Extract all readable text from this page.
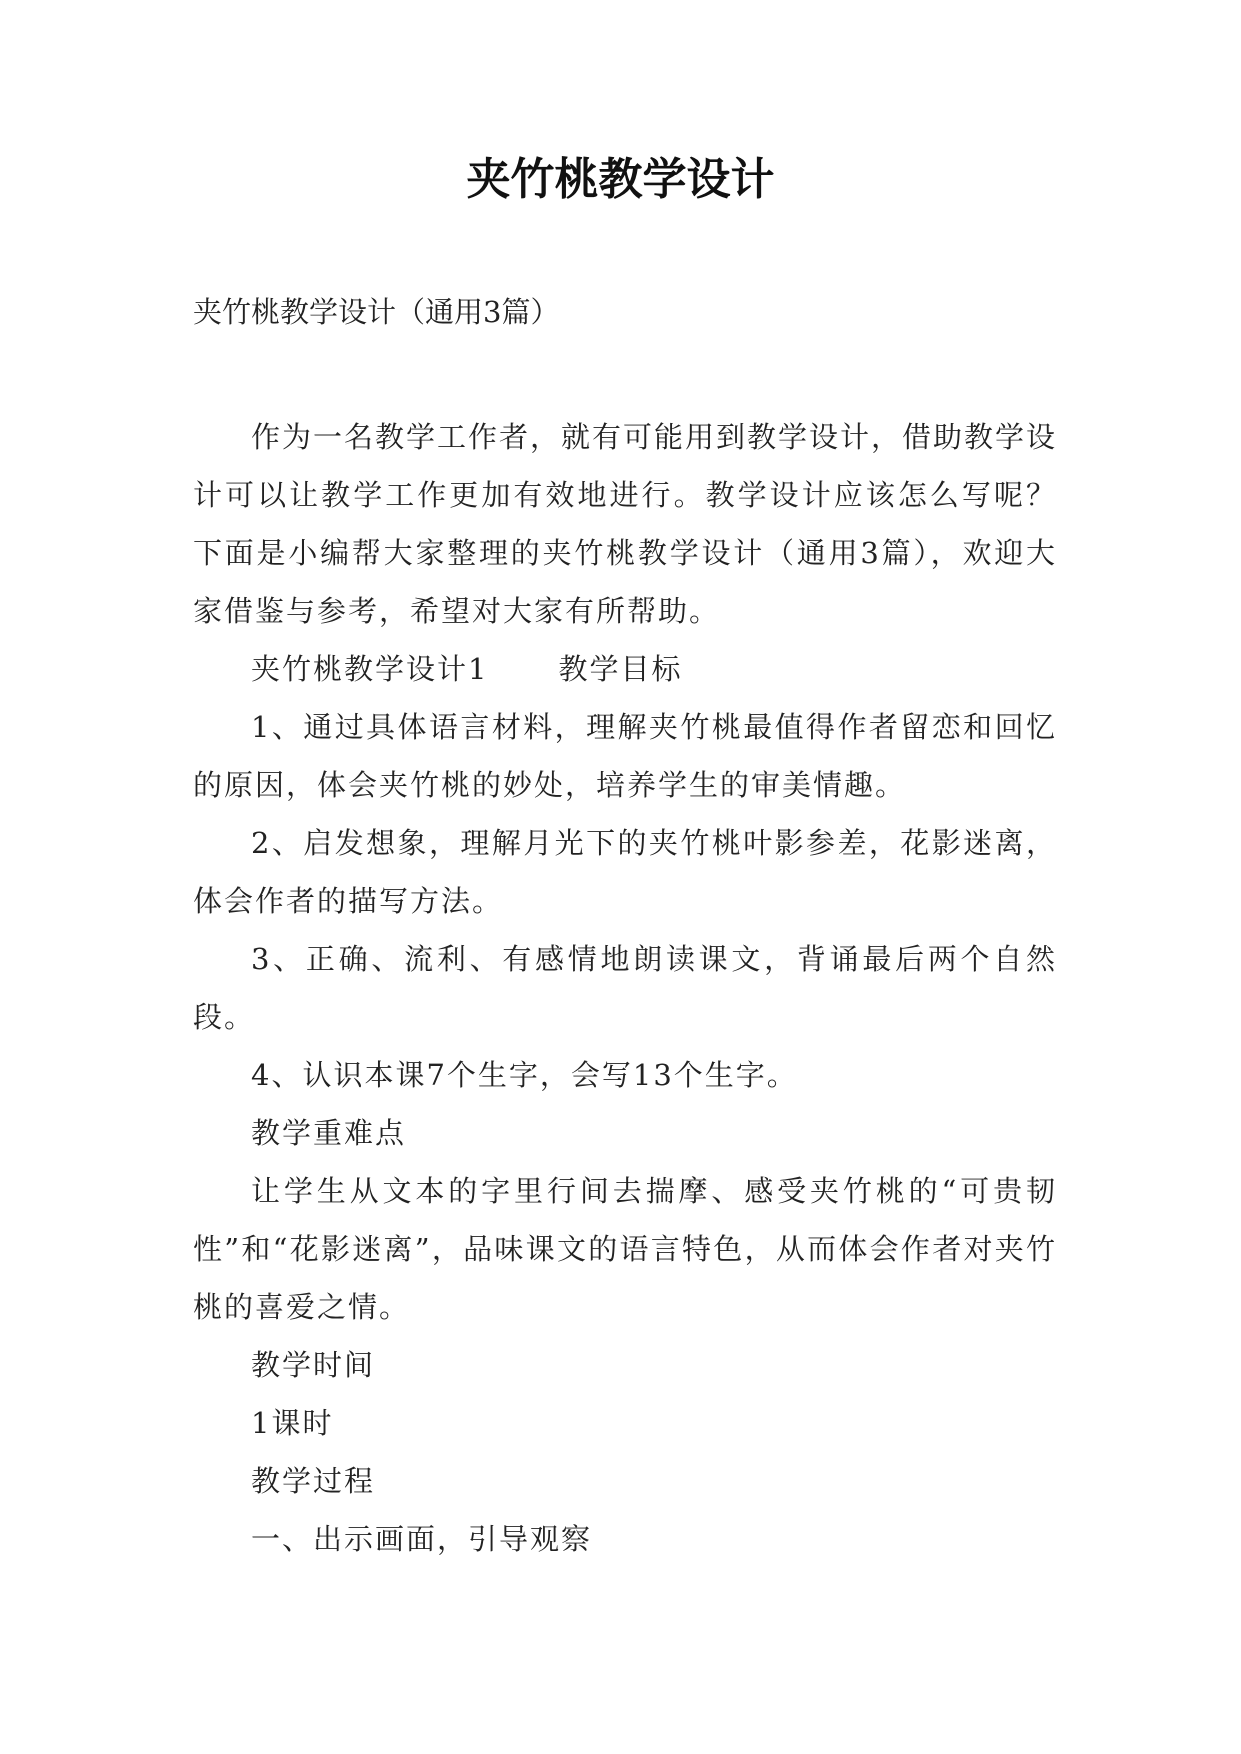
夹竹桃教学设计

夹竹桃教学设计（通用3篇）

作为一名教学工作者，就有可能用到教学设计，借助教学设计可以让教学工作更加有效地进行。教学设计应该怎么写呢？下面是小编帮大家整理的夹竹桃教学设计（通用3篇），欢迎大家借鉴与参考，希望对大家有所帮助。

夹竹桃教学设计1 教学目标

1、通过具体语言材料，理解夹竹桃最值得作者留恋和回忆的原因，体会夹竹桃的妙处，培养学生的审美情趣。

2、启发想象，理解月光下的夹竹桃叶影参差，花影迷离，体会作者的描写方法。

3、正确、流利、有感情地朗读课文，背诵最后两个自然段。

4、认识本课7个生字，会写13个生字。

教学重难点

让学生从文本的字里行间去揣摩、感受夹竹桃的“可贵韧性”和“花影迷离”，品味课文的语言特色，从而体会作者对夹竹桃的喜爱之情。

教学时间

1课时

教学过程

一、出示画面，引导观察
